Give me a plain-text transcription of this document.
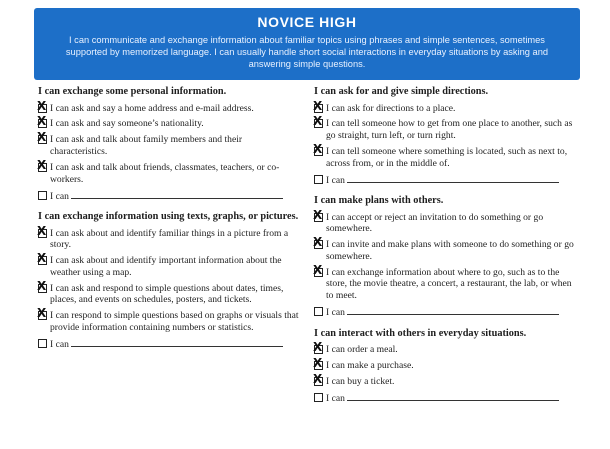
NOVICE HIGH
I can communicate and exchange information about familiar topics using phrases and simple sentences, sometimes supported by memorized language. I can usually handle short social interactions in everyday situations by asking and answering simple questions.
I can exchange some personal information.
X I can ask and say a home address and e-mail address.
X I can ask and say someone’s nationality.
X I can ask and talk about family members and their characteristics.
X I can ask and talk about friends, classmates, teachers, or co-workers.
I can
I can exchange information using texts, graphs, or pictures.
X I can ask about and identify familiar things in a picture from a story.
X I can ask about and identify important information about the weather using a map.
X I can ask and respond to simple questions about dates, times, places, and events on schedules, posters, and tickets.
X I can respond to simple questions based on graphs or visuals that provide information containing numbers or statistics.
I can
I can ask for and give simple directions.
X I can ask for directions to a place.
X I can tell someone how to get from one place to another, such as go straight, turn left, or turn right.
X I can tell someone where something is located, such as next to, across from, or in the middle of.
I can
I can make plans with others.
X I can accept or reject an invitation to do something or go somewhere.
X I can invite and make plans with someone to do something or go somewhere.
X I can exchange information about where to go, such as to the store, the movie theatre, a concert, a restaurant, the lab, or when to meet.
I can
I can interact with others in everyday situations.
X I can order a meal.
X I can make a purchase.
X I can buy a ticket.
I can
